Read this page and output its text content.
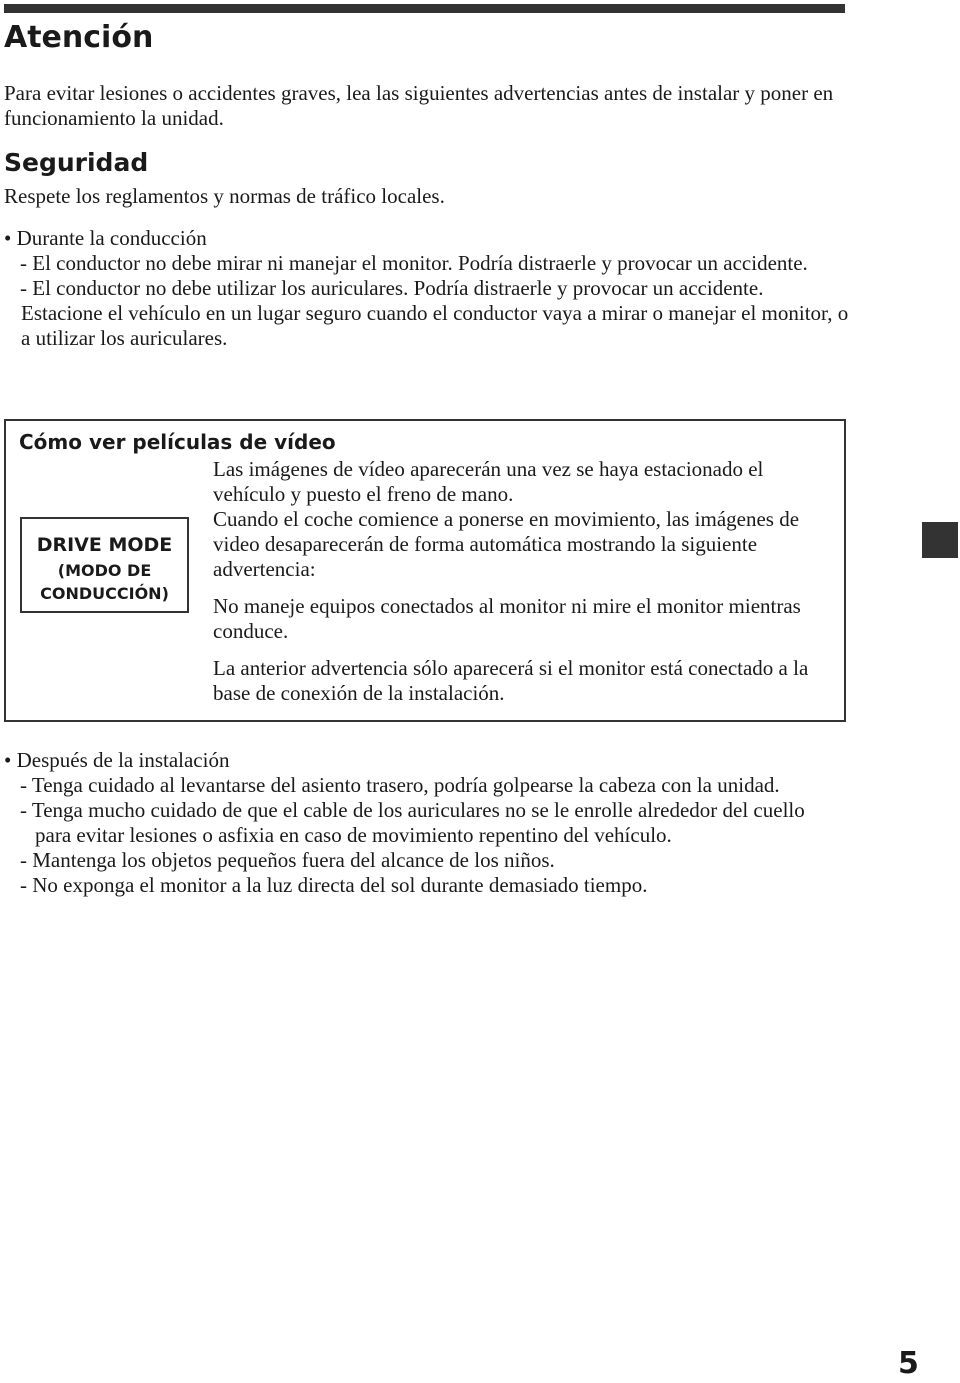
Atención

Para evitar lesiones o accidentes graves, lea las siguientes advertencias antes de instalar y poner en funcionamiento la unidad.

Seguridad

Respete los reglamentos y normas de tráfico locales.

• Durante la conducción

- El conductor no debe mirar ni manejar el monitor. Podría distraerle y provocar un accidente.

- El conductor no debe utilizar los auriculares. Podría distraerle y provocar un accidente.

Estacione el vehículo en un lugar seguro cuando el conductor vaya a mirar o manejar el monitor, o a utilizar los auriculares.

Cómo ver películas de vídeo
DRIVE MODE
(MODO DE
CONDUCCIÓN)

Las imágenes de vídeo aparecerán una vez se haya estacionado el vehículo y puesto el freno de mano.

Cuando el coche comience a ponerse en movimiento, las imágenes de video desaparecerán de forma automática mostrando la siguiente advertencia:

No maneje equipos conectados al monitor ni mire el monitor mientras conduce.

La anterior advertencia sólo aparecerá si el monitor está conectado a la base de conexión de la instalación.

• Después de la instalación

- Tenga cuidado al levantarse del asiento trasero, podría golpearse la cabeza con la unidad.

- Tenga mucho cuidado de que el cable de los auriculares no se le enrolle alrededor del cuello para evitar lesiones o asfixia en caso de movimiento repentino del vehículo.

- Mantenga los objetos pequeños fuera del alcance de los niños.

- No exponga el monitor a la luz directa del sol durante demasiado tiempo.

5
